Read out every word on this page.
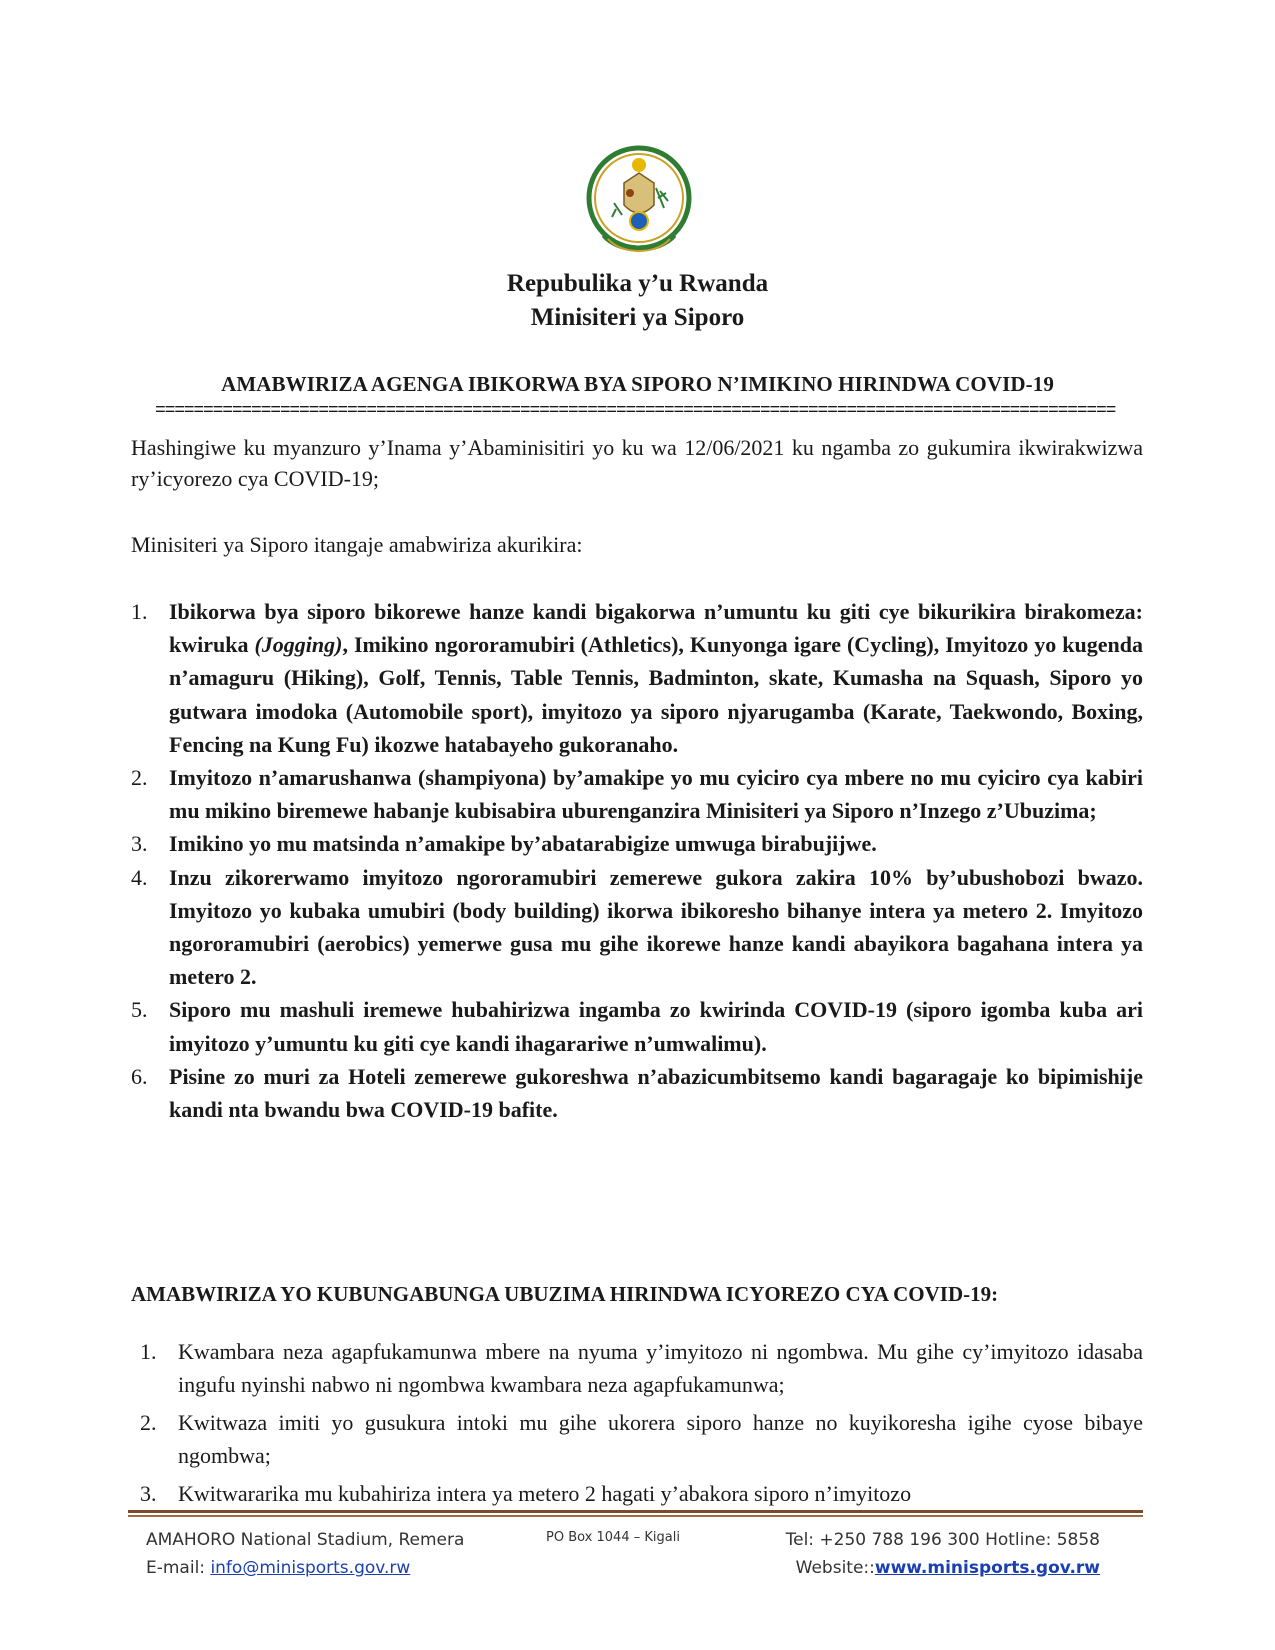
Repubulika y’u Rwanda
Minisiteri ya Siporo
AMABWIRIZA AGENGA IBIKORWA BYA SIPORO N’IMIKINO HIRINDWA COVID-19
====================================================================================================
Hashingiwe ku myanzuro y’Inama y’Abaminisitiri yo ku wa 12/06/2021 ku ngamba zo gukumira ikwirakwizwa ry’icyorezo cya COVID-19;
Minisiteri ya Siporo itangaje amabwiriza akurikira:
1. Ibikorwa bya siporo bikorewe hanze kandi bigakorwa n’umuntu ku giti cye bikurikira birakomeza: kwiruka (Jogging), Imikino ngororamubiri (Athletics), Kunyonga igare (Cycling), Imyitozo yo kugenda n’amaguru (Hiking), Golf, Tennis, Table Tennis, Badminton, skate, Kumasha na Squash, Siporo yo gutwara imodoka (Automobile sport), imyitozo ya siporo njyarugamba (Karate, Taekwondo, Boxing, Fencing na Kung Fu) ikozwe hatabayeho gukoranaho.
2. Imyitozo n’amarushanwa (shampiyona) by’amakipe yo mu cyiciro cya mbere no mu cyiciro cya kabiri mu mikino biremewe habanje kubisabira uburenganzira Minisiteri ya Siporo n’Inzego z’Ubuzima;
3. Imikino yo mu matsinda n’amakipe by’abatarabigize umwuga birabujijwe.
4. Inzu zikorerwamo imyitozo ngororamubiri zemerewe gukora zakira 10% by’ubushobozi bwazo. Imyitozo yo kubaka umubiri (body building) ikorwa ibikoresho bihanye intera ya metero 2. Imyitozo ngororamubiri (aerobics) yemerwe gusa mu gihe ikorewe hanze kandi abayikora bagahana intera ya metero 2.
5. Siporo mu mashuli iremewe hubahirizwa ingamba zo kwirinda COVID-19 (siporo igomba kuba ari imyitozo y’umuntu ku giti cye kandi ihagarariwe n’umwalimu).
6. Pisine zo muri za Hoteli zemerewe gukoreshwa n’abazicumbitsemo kandi bagaragaje ko bipimishije kandi nta bwandu bwa COVID-19 bafite.
AMABWIRIZA YO KUBUNGABUNGA UBUZIMA HIRINDWA ICYOREZO CYA COVID-19:
1. Kwambara neza agapfukamunwa mbere na nyuma y’imyitozo ni ngombwa. Mu gihe cy’imyitozo idasaba ingufu nyinshi nabwo ni ngombwa kwambara neza agapfukamunwa;
2. Kwitwaza imiti yo gusukura intoki mu gihe ukorera siporo hanze no kuyikoresha igihe cyose bibaye ngombwa;
3. Kwitwararika mu kubahiriza intera ya metero 2 hagati y’abakora siporo n’imyitozo
AMAHORO National Stadium, Remera
E-mail: info@minisports.gov.rw
PO Box 1044 – Kigali	Tel: +250 788 196 300 Hotline: 5858
Website::www.minisports.gov.rw
